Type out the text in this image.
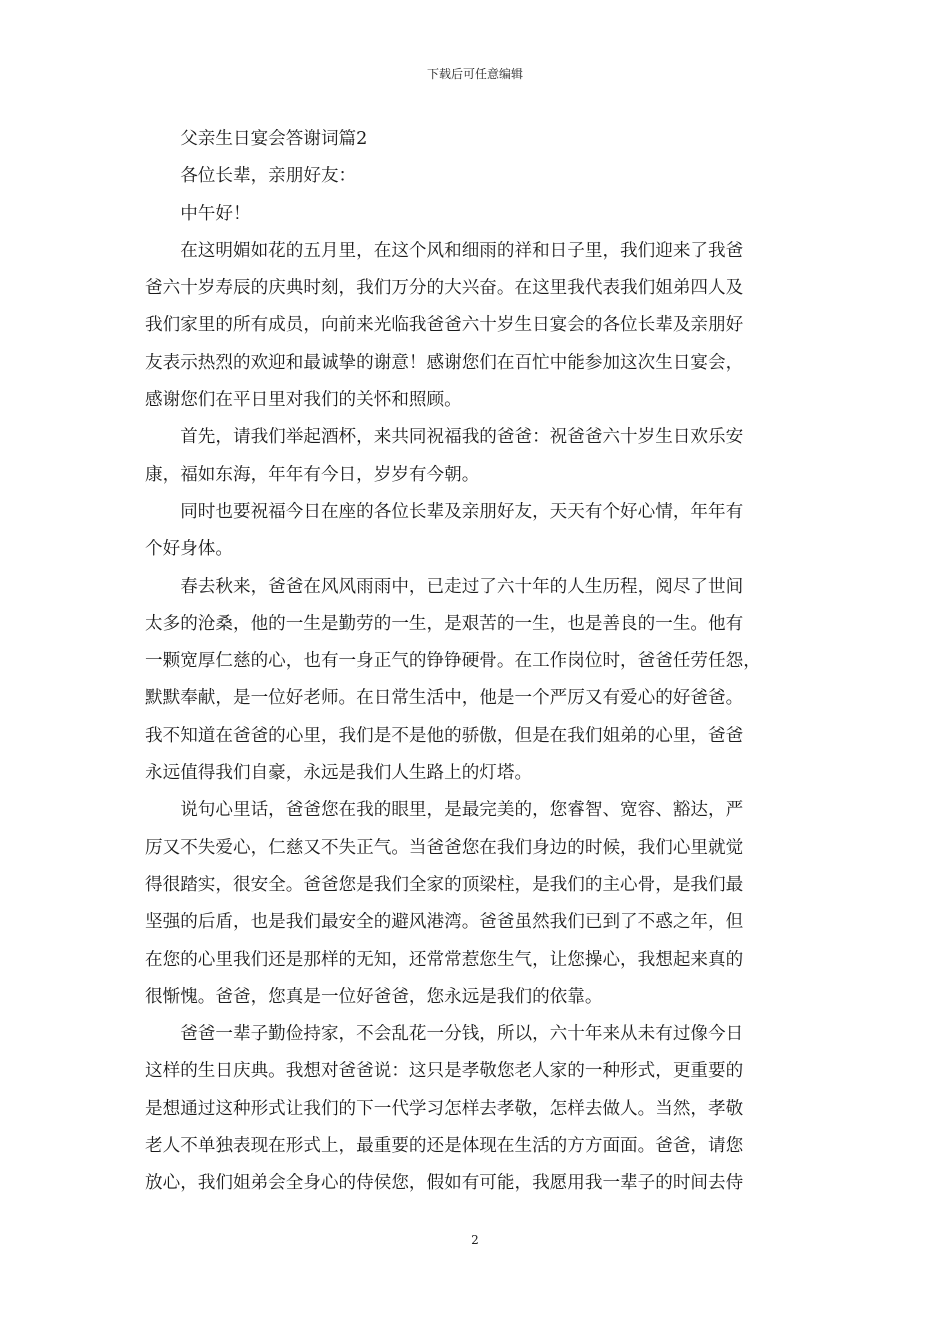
下载后可任意编辑
父亲生日宴会答谢词篇2
各位长辈，亲朋好友：
中午好！
在这明媚如花的五月里，在这个风和细雨的祥和日子里，我们迎来了我爸
爸六十岁寿辰的庆典时刻，我们万分的大兴奋。在这里我代表我们姐弟四人及
我们家里的所有成员，向前来光临我爸爸六十岁生日宴会的各位长辈及亲朋好
友表示热烈的欢迎和最诚挚的谢意！感谢您们在百忙中能参加这次生日宴会，
感谢您们在平日里对我们的关怀和照顾。
首先，请我们举起酒杯，来共同祝福我的爸爸：祝爸爸六十岁生日欢乐安
康，福如东海，年年有今日，岁岁有今朝。
同时也要祝福今日在座的各位长辈及亲朋好友，天天有个好心情，年年有
个好身体。
春去秋来，爸爸在风风雨雨中，已走过了六十年的人生历程，阅尽了世间
太多的沧桑，他的一生是勤劳的一生，是艰苦的一生，也是善良的一生。他有
一颗宽厚仁慈的心，也有一身正气的铮铮硬骨。在工作岗位时，爸爸任劳任怨，
默默奉献，是一位好老师。在日常生活中，他是一个严厉又有爱心的好爸爸。
我不知道在爸爸的心里，我们是不是他的骄傲，但是在我们姐弟的心里，爸爸
永远值得我们自豪，永远是我们人生路上的灯塔。
说句心里话，爸爸您在我的眼里，是最完美的，您睿智、宽容、豁达，严
厉又不失爱心，仁慈又不失正气。当爸爸您在我们身边的时候，我们心里就觉
得很踏实，很安全。爸爸您是我们全家的顶梁柱，是我们的主心骨，是我们最
坚强的后盾，也是我们最安全的避风港湾。爸爸虽然我们已到了不惑之年，但
在您的心里我们还是那样的无知，还常常惹您生气，让您操心，我想起来真的
很惭愧。爸爸，您真是一位好爸爸，您永远是我们的依靠。
爸爸一辈子勤俭持家，不会乱花一分钱，所以，六十年来从未有过像今日
这样的生日庆典。我想对爸爸说：这只是孝敬您老人家的一种形式，更重要的
是想通过这种形式让我们的下一代学习怎样去孝敬，怎样去做人。当然，孝敬
老人不单独表现在形式上，最重要的还是体现在生活的方方面面。爸爸，请您
放心，我们姐弟会全身心的侍侯您，假如有可能，我愿用我一辈子的时间去侍
2
